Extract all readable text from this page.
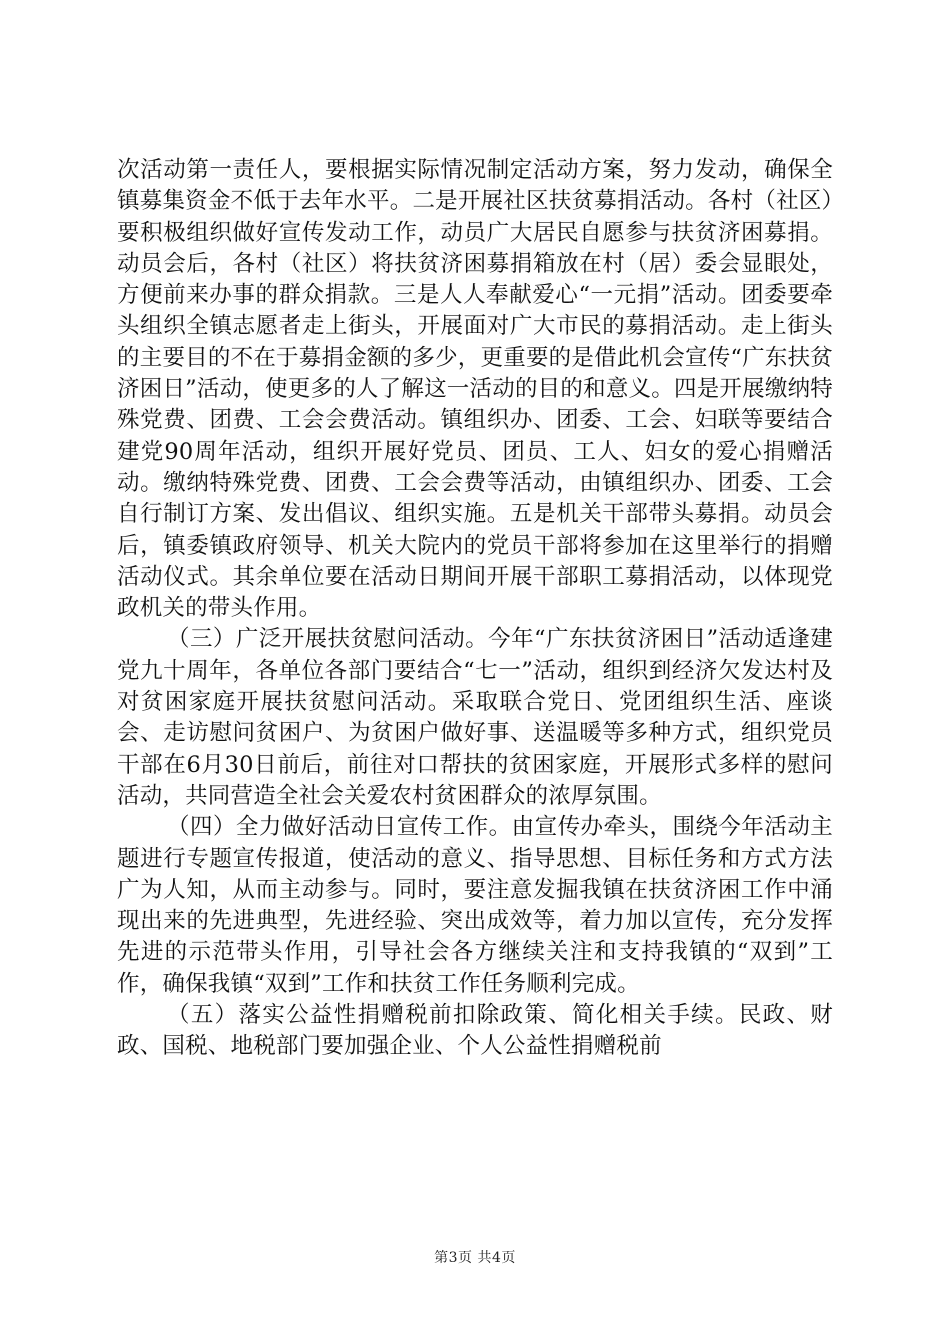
次活动第一责任人，要根据实际情况制定活动方案，努力发动，确保全镇募集资金不低于去年水平。二是开展社区扶贫募捐活动。各村（社区）要积极组织做好宣传发动工作，动员广大居民自愿参与扶贫济困募捐。动员会后，各村（社区）将扶贫济困募捐箱放在村（居）委会显眼处，方便前来办事的群众捐款。三是人人奉献爱心“一元捐”活动。团委要牵头组织全镇志愿者走上街头，开展面对广大市民的募捐活动。走上街头的主要目的不在于募捐金额的多少，更重要的是借此机会宣传“广东扶贫济困日”活动，使更多的人了解这一活动的目的和意义。四是开展缴纳特殊党费、团费、工会会费活动。镇组织办、团委、工会、妇联等要结合建党90周年活动，组织开展好党员、团员、工人、妇女的爱心捐赠活动。缴纳特殊党费、团费、工会会费等活动，由镇组织办、团委、工会自行制订方案、发出倡议、组织实施。五是机关干部带头募捐。动员会后，镇委镇政府领导、机关大院内的党员干部将参加在这里举行的捐赠活动仪式。其余单位要在活动日期间开展干部职工募捐活动，以体现党政机关的带头作用。

（三）广泛开展扶贫慰问活动。今年“广东扶贫济困日”活动适逢建党九十周年，各单位各部门要结合“七一”活动，组织到经济欠发达村及对贫困家庭开展扶贫慰问活动。采取联合党日、党团组织生活、座谈会、走访慰问贫困户、为贫困户做好事、送温暖等多种方式，组织党员干部在6月30日前后，前往对口帮扶的贫困家庭，开展形式多样的慰问活动，共同营造全社会关爱农村贫困群众的浓厚氛围。

（四）全力做好活动日宣传工作。由宣传办牵头，围绕今年活动主题进行专题宣传报道，使活动的意义、指导思想、目标任务和方式方法广为人知，从而主动参与。同时，要注意发掘我镇在扶贫济困工作中涌现出来的先进典型，先进经验、突出成效等，着力加以宣传，充分发挥先进的示范带头作用，引导社会各方继续关注和支持我镇的“双到”工作，确保我镇“双到”工作和扶贫工作任务顺利完成。

（五）落实公益性捐赠税前扣除政策、简化相关手续。民政、财政、国税、地税部门要加强企业、个人公益性捐赠税前

第3页 共4页
